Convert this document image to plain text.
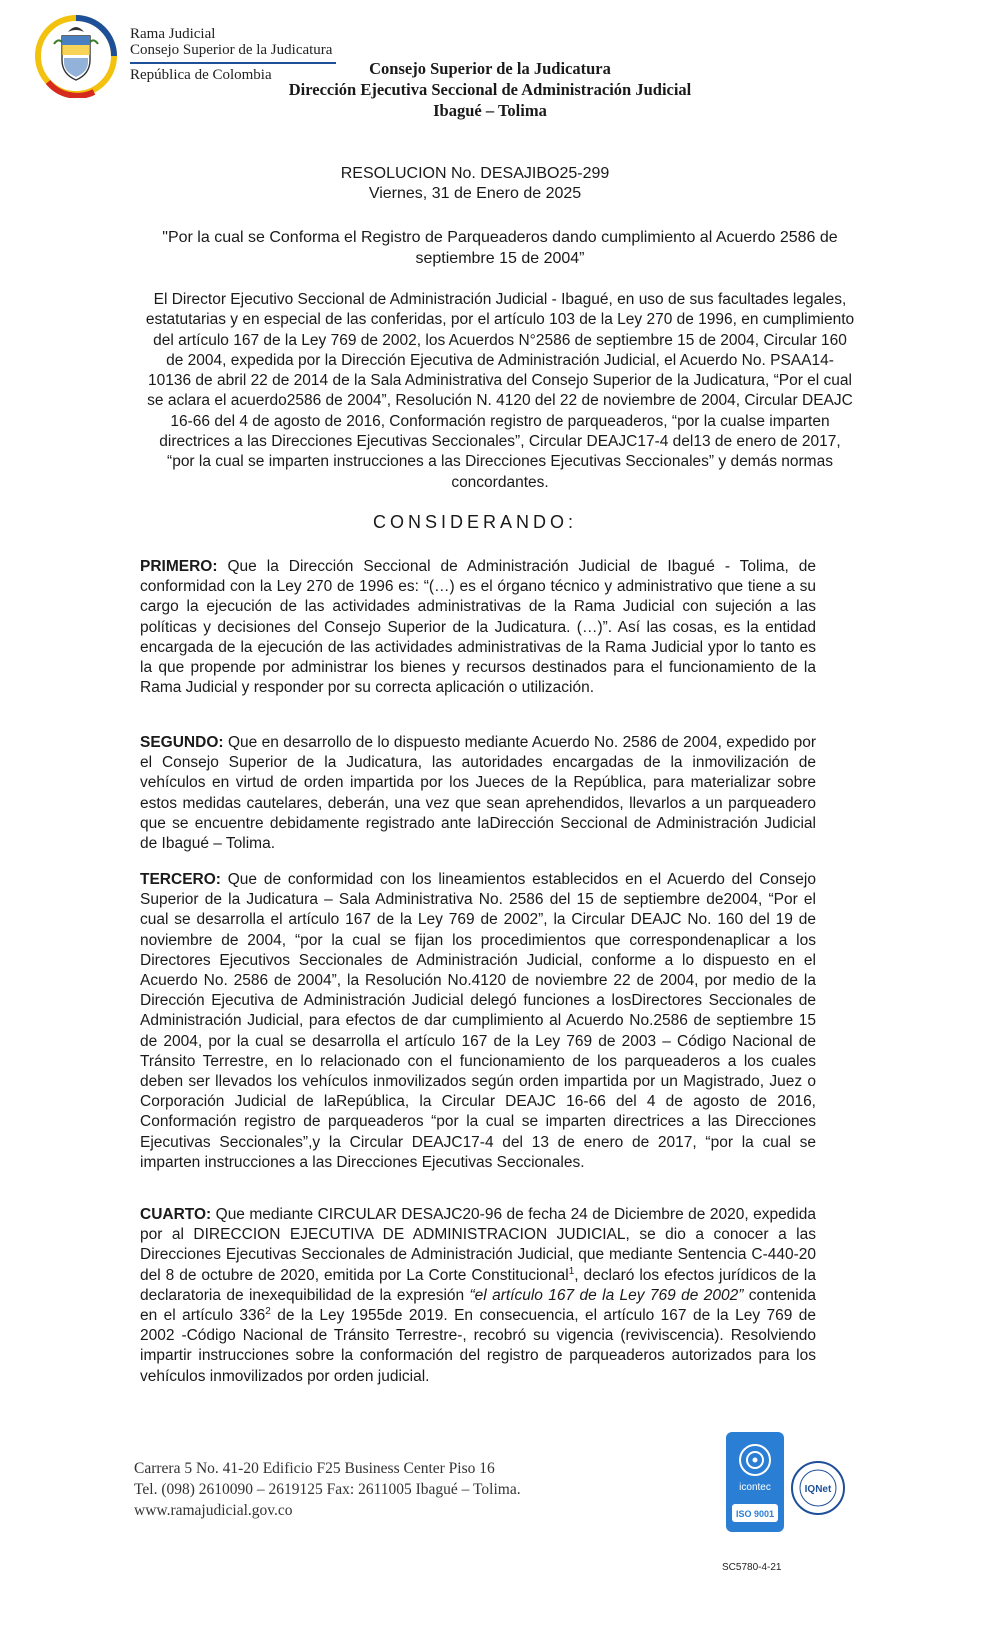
Rama Judicial
Consejo Superior de la Judicatura
República de Colombia	Consejo Superior de la Judicatura
Dirección Ejecutiva Seccional de Administración Judicial
Ibagué – Tolima
RESOLUCION No. DESAJIBO25-299
Viernes, 31 de Enero de 2025
"Por la cual se Conforma el Registro de Parqueaderos dando cumplimiento al Acuerdo 2586 de septiembre 15 de 2004”
El Director Ejecutivo Seccional de Administración Judicial - Ibagué, en uso de sus facultades legales, estatutarias y en especial de las conferidas, por el artículo 103 de la Ley 270 de 1996, en cumplimiento del artículo 167 de la Ley 769 de 2002, los Acuerdos N°2586 de septiembre 15 de 2004, Circular 160 de 2004, expedida por la Dirección Ejecutiva de Administración Judicial, el Acuerdo No. PSAA14-10136 de abril 22 de 2014 de la Sala Administrativa del Consejo Superior de la Judicatura, “Por el cual se aclara el acuerdo2586 de 2004”, Resolución N. 4120 del 22 de noviembre de 2004, Circular DEAJC 16-66 del 4 de agosto de 2016, Conformación registro de parqueaderos, “por la cualse imparten directrices a las Direcciones Ejecutivas Seccionales”, Circular DEAJC17-4 del13 de enero de 2017, “por la cual se imparten instrucciones a las Direcciones Ejecutivas Seccionales” y demás normas concordantes.
CONSIDERANDO:
PRIMERO: Que la Dirección Seccional de Administración Judicial de Ibagué - Tolima, de conformidad con la Ley 270 de 1996 es: “(…) es el órgano técnico y administrativo que tiene a su cargo la ejecución de las actividades administrativas de la Rama Judicial con sujeción a las políticas y decisiones del Consejo Superior de la Judicatura. (…)”. Así las cosas, es la entidad encargada de la ejecución de las actividades administrativas de la Rama Judicial ypor lo tanto es la que propende por administrar los bienes y recursos destinados para el funcionamiento de la Rama Judicial y responder por su correcta aplicación o utilización.
SEGUNDO: Que en desarrollo de lo dispuesto mediante Acuerdo No. 2586 de 2004, expedido por el Consejo Superior de la Judicatura, las autoridades encargadas de la inmovilización de vehículos en virtud de orden impartida por los Jueces de la República, para materializar sobre estos medidas cautelares, deberán, una vez que sean aprehendidos, llevarlos a un parqueadero que se encuentre debidamente registrado ante laDirección Seccional de Administración Judicial de Ibagué – Tolima.
TERCERO: Que de conformidad con los lineamientos establecidos en el Acuerdo del Consejo Superior de la Judicatura – Sala Administrativa No. 2586 del 15 de septiembre de2004, “Por el cual se desarrolla el artículo 167 de la Ley 769 de 2002”, la Circular DEAJC No. 160 del 19 de noviembre de 2004, “por la cual se fijan los procedimientos que correspondenaplicar a los Directores Ejecutivos Seccionales de Administración Judicial, conforme a lo dispuesto en el Acuerdo No. 2586 de 2004”, la Resolución No.4120 de noviembre 22 de 2004, por medio de la Dirección Ejecutiva de Administración Judicial delegó funciones a losDirectores Seccionales de Administración Judicial, para efectos de dar cumplimiento al Acuerdo No.2586 de septiembre 15 de 2004, por la cual se desarrolla el artículo 167 de la Ley 769 de 2003 – Código Nacional de Tránsito Terrestre, en lo relacionado con el funcionamiento de los parqueaderos a los cuales deben ser llevados los vehículos inmovilizados según orden impartida por un Magistrado, Juez o Corporación Judicial de laRepública, la Circular DEAJC 16-66 del 4 de agosto de 2016, Conformación registro de parqueaderos “por la cual se imparten directrices a las Direcciones Ejecutivas Seccionales”,y la Circular DEAJC17-4 del 13 de enero de 2017, “por la cual se imparten instrucciones a las Direcciones Ejecutivas Seccionales.
CUARTO: Que mediante CIRCULAR DESAJC20-96 de fecha 24 de Diciembre de 2020, expedida por al DIRECCION EJECUTIVA DE ADMINISTRACION JUDICIAL, se dio a conocer a las Direcciones Ejecutivas Seccionales de Administración Judicial, que mediante Sentencia C-440-20 del 8 de octubre de 2020, emitida por La Corte Constitucional$^1$, declaró los efectos jurídicos de la declaratoria de inexequibilidad de la expresión “el artículo 167 de la Ley 769 de 2002” contenida en el artículo $336^2$ de la Ley 1955de 2019. En consecuencia, el artículo 167 de la Ley 769 de 2002 -Código Nacional de Tránsito Terrestre-, recobró su vigencia (reviviscencia). Resolviendo impartir instrucciones sobre la conformación del registro de parqueaderos autorizados para los vehículos inmovilizados por orden judicial.
Carrera 5 No. 41-20 Edificio F25 Business Center Piso 16
Tel. (098) 2610090 – 2619125 Fax: 2611005 Ibagué – Tolima.
www.ramajudicial.gov.co
icontec
ISO 9001
IQNet
SC5780-4-21
